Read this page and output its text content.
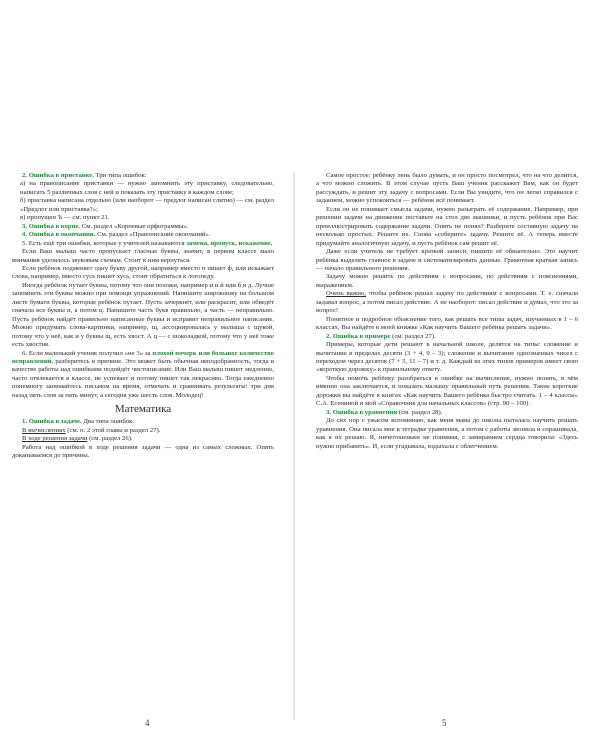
2. Ошибка в приставке. Три типа ошибок:

а) на правописание приставки — нужно запомнить эту приставку, следовательно, написать 5 различных слов с ней и показать эту приставку в каждом слове;

б) приставка написана отдельно (или наоборот — предлог написан слитно) — см. раздел «Предлог или приставка?»;

в) пропущен Ъ — см. пункт 21.

3. Ошибка в корне. См. раздел «Корневые орфограммы».

4. Ошибка в окончании. См. раздел «Правописание окончаний».

5. Есть ещё три ошибки, которые у учителей называются замена, пропуск, искажение.

Если Ваш малыш часто пропускает гласные буквы, значит, в первом классе мало внимания уделялось звуковым схемам. Стоит к ним вернуться.

Если ребёнок подменяет одну букву другой, например вместо п пишет ф, или искажает слова, например, вместо гусь пишет хусь, стоит обратиться к логопеду.

Иногда ребёнок путает буквы, потому что они похожи, например и и й или б и д. Лучше запомнить эти буквы можно при помощи упражнений. Напишите широкошку на большом листе бумаги буквы, которые ребёнок путает. Пусть зачеркнёт, или раскрасит, или обведёт сначала все буквы и, а потом ц. Напишите часть букв правильно, а часть — неправильно. Пусть ребёнок найдёт правильно написанные буквы и исправит неправильное написание. Можно придумать слова-картинки, например, щ, ассоциировалась у малыша с щукой, потому что у неё, как и у буквы щ, есть хвост. А ц — с шоколадкой, потому что у неё тоже есть хвостик.

6. Если маленький ученик получил «не 3» за плохой почерк или большое количество исправлений, разберитесь в причине. Это может быть обычная неподобранность, тогда в качестве работы над ошибками подойдёт чистописание. Или Ваш малыш пишет медленно, часто отвлекается в классе, не успевает и потому пишет так некрасиво. Тогда ежедневно понемногу занимайтесь письмом на время, отмечать и сравнивать результаты: три дня назад пять слов за пять минут, а сегодня уже шесть слов. Молодец!

Математика

1. Ошибка в задаче. Два типа ошибок.

В вычислениях (см. п. 2 этой главы и раздел 27).

В ходе решения задачи (см. раздел 26).

Работа над ошибкой в ходе решения задачи — одна из самых сложных. Опять докапываемся до причины.

Самое простое: ребёнку лень было думать, и он просто посмотрел, что на что делится, а что можно сложить. В этом случае пусть Ваш ученик расскажет Вам, как он будет рассуждать, и решит эту задачу с вопросами. Если Вы увидите, что он легко справился с заданием, можно успокоиться — ребёнок всё понимает.

Если он не понимает смысла задачи, нужно разыграть её содержание. Например, при решении задачи на движение поставьте на стол две машинки, и пусть ребёнок при Вас проиллюстрировать содержание задачи. Опять не понял? Разберите составную задачу на несколько простых. Решите их. Снова «соберите» задачу. Решите её. А теперь вместе придумайте аналогичную задачу, и пусть ребёнок сам решит её.

Даже если учитель не требует краткой записи, пишите её обязательно. Это научит ребёнка выделять главное в задаче и систематизировать данные. Грамотная краткая запись — начало правильного решения.

Задачу можно решить по действиям с вопросами, по действиям с пояснениями, выражением.

Очень важно, чтобы ребёнок решал задачу по действиям с вопросами. Т. е. сначала задавал вопрос, а потом писал действие. А не наоборот: писал действие и думал, что это за вопрос!

Понятное и подробное объяснение того, как решать все типы задач, изучаемых в 1 – 6 классах, Вы найдёте в моей книжке «Как научить Вашего ребёнка решать задачи».

2. Ошибка в примере (см. раздел 27).

Примеры, которые дети решают в начальной школе, делятся на типы: сложение и вычитание в пределах десяти (3 + 4, 9 – 3); сложение и вычитание однозначных чисел с переходом через десяток (7 + 5, 11 – 7) и т. д. Каждый из этих типов примеров имеет свою «короткую дорожку» к правильному ответу.

Чтобы помочь ребёнку разобраться в ошибке на вычисление, нужно понять, в чём именно она заключается, и показать малышу правильный путь решения. Такие короткие дорожки вы найдёте в книгах «Как научить Вашего ребёнка быстро считать. 1 – 4 классы» С.А. Есениной и мой «Справочник для начальных классов» (стр. 90 – 100).

3. Ошибка в уравнении (см. раздел 28).

До сих пор с ужасом вспоминаю, как меня мама до школы пыталась научить решать уравнения. Она писала мне в тетрадке уравнения, а потом с работы звонила и спрашивала, как я их решаю. Я, ничегошеньки не понимая, с замиранием сердца говорила: «Здесь нужно прибавить». И, если угадывала, вздыхала с облегчением.

4	5
